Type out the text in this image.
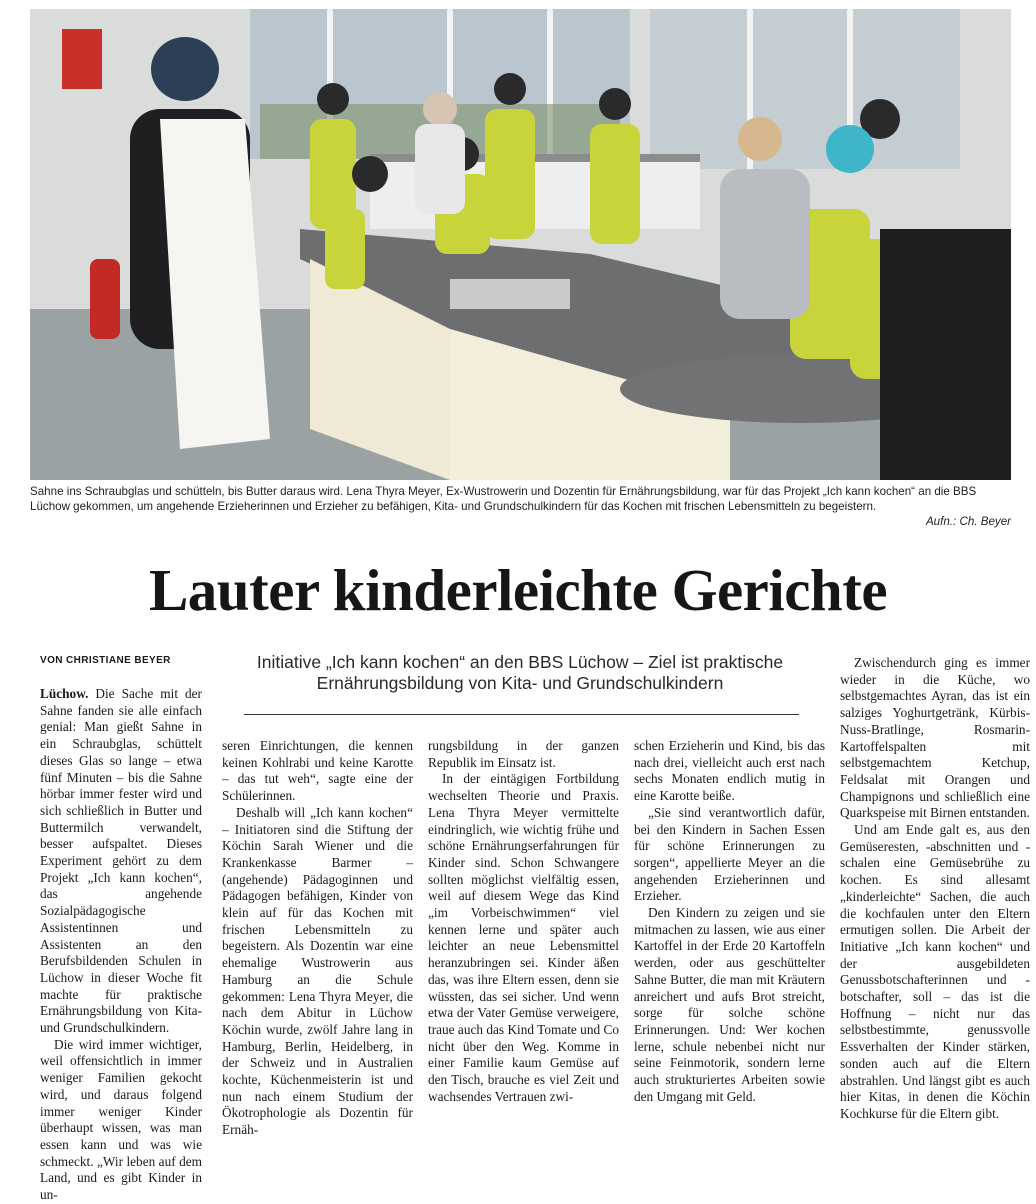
Sahne ins Schraubglas und schütteln, bis Butter daraus wird. Lena Thyra Meyer, Ex-Wustrowerin und Dozentin für Ernährungsbildung, war für das Projekt „Ich kann kochen“ an die BBS Lüchow gekommen, um angehende Erzieherinnen und Erzieher zu befähigen, Kita- und Grundschulkindern für das Kochen mit frischen Lebensmitteln zu begeistern.
Aufn.: Ch. Beyer
Lauter kinderleichte Gerichte
VON CHRISTIANE BEYER	Initiative „Ich kann kochen“ an den BBS Lüchow – Ziel ist praktische Ernährungsbildung von Kita- und Grundschulkindern

Lüchow. Die Sache mit der Sahne fanden sie alle einfach genial: Man gießt Sahne in ein Schraubglas, schüttelt dieses Glas so lange – etwa fünf Minuten – bis die Sahne hörbar immer fester wird und sich schließlich in Butter und Buttermilch verwandelt, besser aufspaltet. Dieses Experiment gehört zu dem Projekt „Ich kann kochen“, das angehende Sozialpädagogische Assistentinnen und Assistenten an den Berufsbildenden Schulen in Lüchow in dieser Woche fit machte für praktische Ernährungsbildung von Kita- und Grundschulkindern.

Die wird immer wichtiger, weil offensichtlich in immer weniger Familien gekocht wird, und daraus folgend immer weniger Kinder überhaupt wissen, was man essen kann und was wie schmeckt. „Wir leben auf dem Land, und es gibt Kinder in un-

seren Einrichtungen, die kennen keinen Kohlrabi und keine Karotte – das tut weh“, sagte eine der Schülerinnen.

Deshalb will „Ich kann kochen“ – Initiatoren sind die Stiftung der Köchin Sarah Wiener und die Krankenkasse Barmer – (angehende) Pädagoginnen und Pädagogen befähigen, Kinder von klein auf für das Kochen mit frischen Lebensmitteln zu begeistern. Als Dozentin war eine ehemalige Wustrowerin aus Hamburg an die Schule gekommen: Lena Thyra Meyer, die nach dem Abitur in Lüchow Köchin wurde, zwölf Jahre lang in Hamburg, Berlin, Heidelberg, in der Schweiz und in Australien kochte, Küchenmeisterin ist und nun nach einem Studium der Ökotrophologie als Dozentin für Ernäh-

rungsbildung in der ganzen Republik im Einsatz ist.

In der eintägigen Fortbildung wechselten Theorie und Praxis. Lena Thyra Meyer vermittelte eindringlich, wie wichtig frühe und schöne Ernährungserfahrungen für Kinder sind. Schon Schwangere sollten möglichst vielfältig essen, weil auf diesem Wege das Kind „im Vorbeischwimmen“ viel kennen lerne und später auch leichter an neue Lebensmittel heranzubringen sei. Kinder äßen das, was ihre Eltern essen, denn sie wüssten, das sei sicher. Und wenn etwa der Vater Gemüse verweigere, traue auch das Kind Tomate und Co nicht über den Weg. Komme in einer Familie kaum Gemüse auf den Tisch, brauche es viel Zeit und wachsendes Vertrauen zwi-

schen Erzieherin und Kind, bis das nach drei, vielleicht auch erst nach sechs Monaten endlich mutig in eine Karotte beiße.

„Sie sind verantwortlich dafür, bei den Kindern in Sachen Essen für schöne Erinnerungen zu sorgen“, appellierte Meyer an die angehenden Erzieherinnen und Erzieher.

Den Kindern zu zeigen und sie mitmachen zu lassen, wie aus einer Kartoffel in der Erde 20 Kartoffeln werden, oder aus geschüttelter Sahne Butter, die man mit Kräutern anreichert und aufs Brot streicht, sorge für solche schöne Erinnerungen. Und: Wer kochen lerne, schule nebenbei nicht nur seine Feinmotorik, sondern lerne auch strukturiertes Arbeiten sowie den Umgang mit Geld.

Zwischendurch ging es immer wieder in die Küche, wo selbstgemachtes Ayran, das ist ein salziges Yoghurtgetränk, Kürbis-Nuss-Bratlinge, Rosmarin-Kartoffelspalten mit selbstgemachtem Ketchup, Feldsalat mit Orangen und Champignons und schließlich eine Quarkspeise mit Birnen entstanden.

Und am Ende galt es, aus den Gemüseresten, -abschnitten und -schalen eine Gemüsebrühe zu kochen. Es sind allesamt „kinderleichte“ Sachen, die auch die kochfaulen unter den Eltern ermutigen sollen. Die Arbeit der Initiative „Ich kann kochen“ und der ausgebildeten Genussbotschafterinnen und -botschafter, soll – das ist die Hoffnung – nicht nur das selbstbestimmte, genussvolle Essverhalten der Kinder stärken, sonden auch auf die Eltern abstrahlen. Und längst gibt es auch hier Kitas, in denen die Köchin Kochkurse für die Eltern gibt.
